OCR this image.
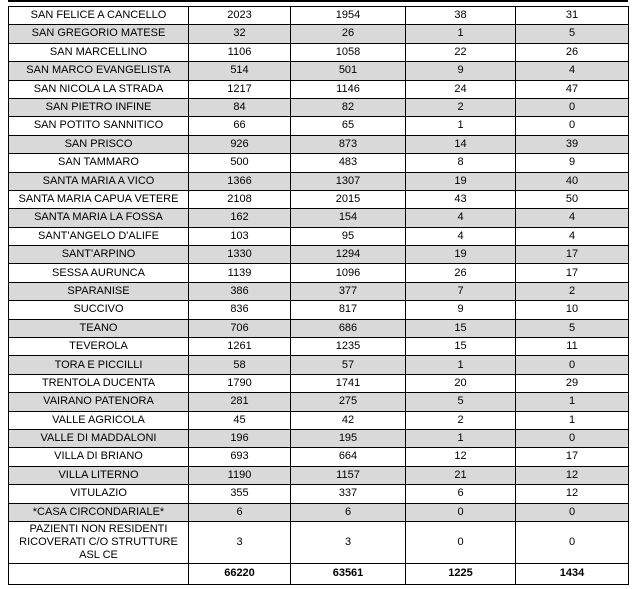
SAN FELICE A CANCELLO	2023	1954	38	31
SAN GREGORIO MATESE	32	26	1	5
SAN MARCELLINO	1106	1058	22	26
SAN MARCO EVANGELISTA	514	501	9	4
SAN NICOLA LA STRADA	1217	1146	24	47
SAN PIETRO INFINE	84	82	2	0
SAN POTITO SANNITICO	66	65	1	0
SAN PRISCO	926	873	14	39
SAN TAMMARO	500	483	8	9
SANTA MARIA A VICO	1366	1307	19	40
SANTA MARIA CAPUA VETERE	2108	2015	43	50
SANTA MARIA LA FOSSA	162	154	4	4
SANT'ANGELO D'ALIFE	103	95	4	4
SANT'ARPINO	1330	1294	19	17
SESSA AURUNCA	1139	1096	26	17
SPARANISE	386	377	7	2
SUCCIVO	836	817	9	10
TEANO	706	686	15	5
TEVEROLA	1261	1235	15	11
TORA E PICCILLI	58	57	1	0
TRENTOLA DUCENTA	1790	1741	20	29
VAIRANO PATENORA	281	275	5	1
VALLE AGRICOLA	45	42	2	1
VALLE DI MADDALONI	196	195	1	0
VILLA DI BRIANO	693	664	12	17
VILLA LITERNO	1190	1157	21	12
VITULAZIO	355	337	6	12
*CASA CIRCONDARIALE*	6	6	0	0
PAZIENTI NON RESIDENTI RICOVERATI C/O STRUTTURE ASL CE	3	3	0	0
	66220	63561	1225	1434
